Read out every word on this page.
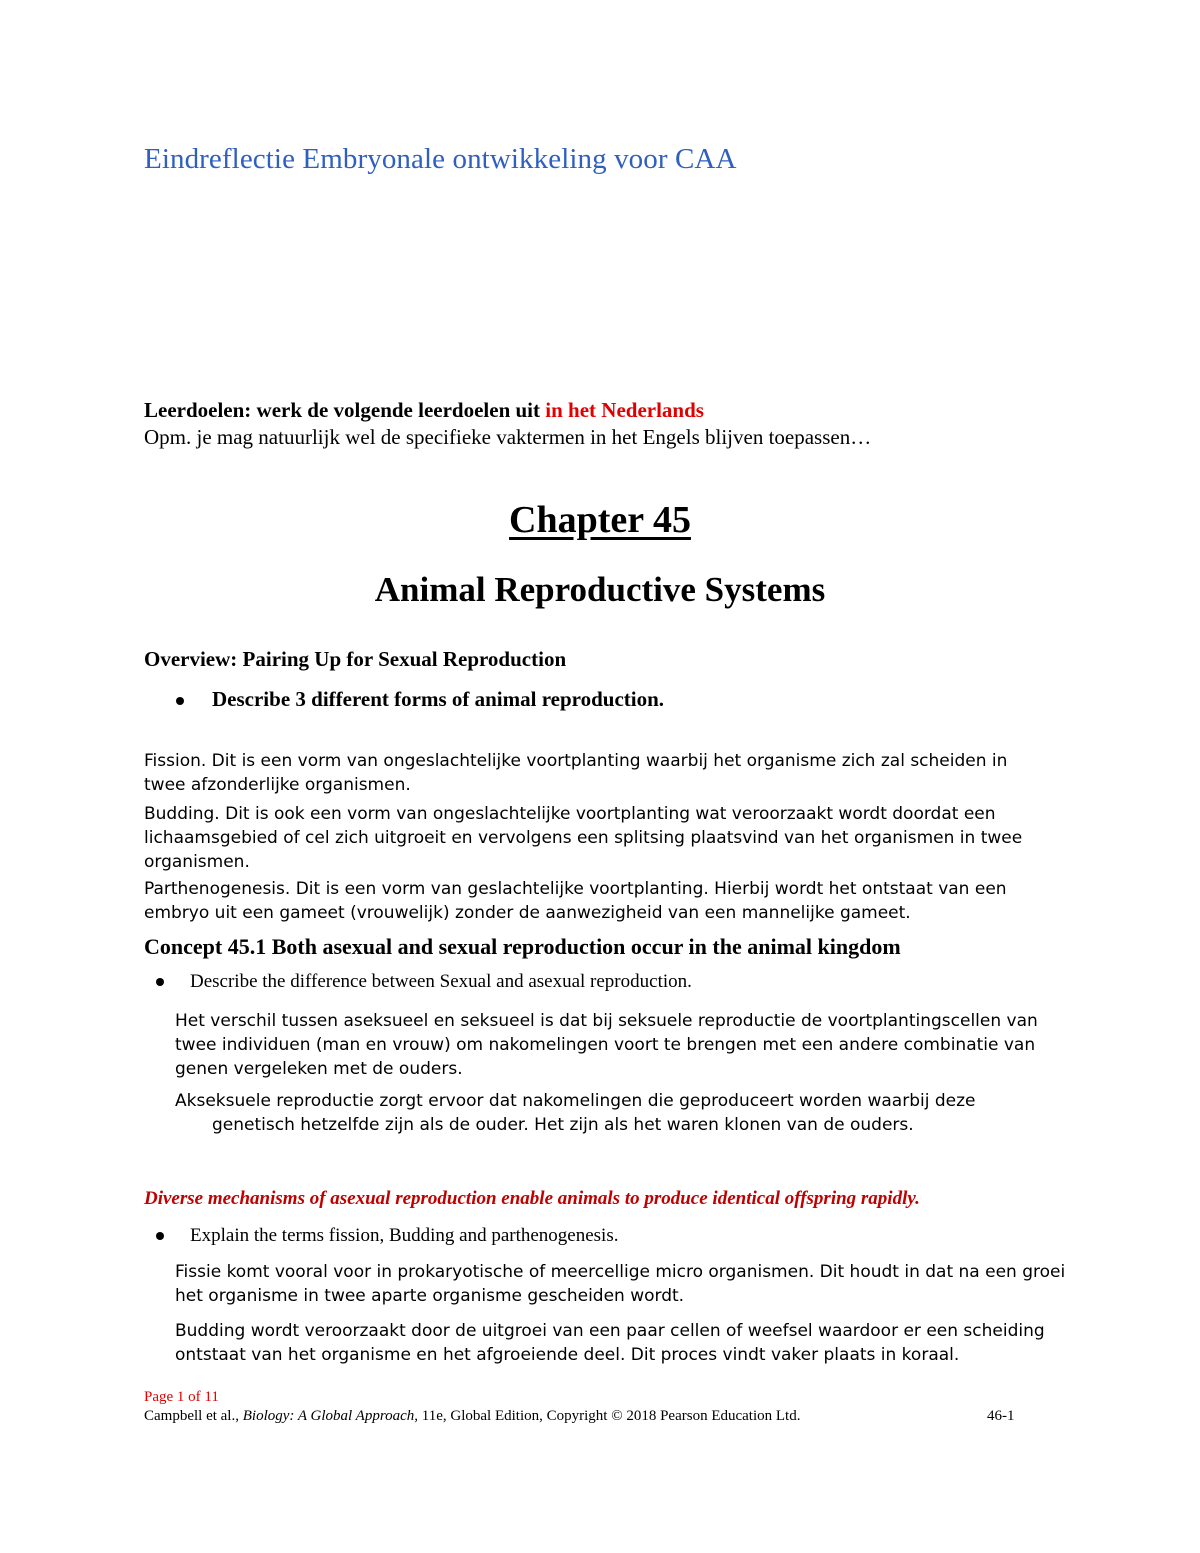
Eindreflectie Embryonale ontwikkeling voor CAA
Leerdoelen: werk de volgende leerdoelen uit in het Nederlands
Opm. je mag natuurlijk wel de specifieke vaktermen in het Engels blijven toepassen…
Chapter 45
Animal Reproductive Systems
Overview: Pairing Up for Sexual Reproduction
Describe 3 different forms of animal reproduction.
Fission. Dit is een vorm van ongeslachtelijke voortplanting waarbij het organisme zich zal scheiden in twee afzonderlijke organismen.
Budding. Dit is ook een vorm van ongeslachtelijke voortplanting wat veroorzaakt wordt doordat een lichaamsgebied of cel zich uitgroeit en vervolgens een splitsing plaatsvind van het organismen in twee organismen.
Parthenogenesis. Dit is een vorm van geslachtelijke voortplanting. Hierbij wordt het ontstaat van een embryo uit een gameet (vrouwelijk) zonder de aanwezigheid van een mannelijke gameet.
Concept 45.1 Both asexual and sexual reproduction occur in the animal kingdom
Describe the difference between Sexual and asexual reproduction.
Het verschil tussen aseksueel en seksueel is dat bij seksuele reproductie de voortplantingscellen van twee individuen (man en vrouw) om nakomelingen voort te brengen met een andere combinatie van genen vergeleken met de ouders.
Akseksuele reproductie zorgt ervoor dat nakomelingen die geproduceert worden waarbij deze
genetisch hetzelfde zijn als de ouder. Het zijn als het waren klonen van de ouders.
Diverse mechanisms of asexual reproduction enable animals to produce identical offspring rapidly.
Explain the terms fission, Budding and parthenogenesis.
Fissie komt vooral voor in prokaryotische of meercellige micro organismen. Dit houdt in dat na een groei het organisme in twee aparte organisme gescheiden wordt.
Budding wordt veroorzaakt door de uitgroei van een paar cellen of weefsel waardoor er een scheiding ontstaat van het organisme en het afgroeiende deel. Dit proces vindt vaker plaats in koraal.
Page 1 of 11
Campbell et al., Biology: A Global Approach, 11e, Global Edition, Copyright © 2018 Pearson Education Ltd.	46-1
